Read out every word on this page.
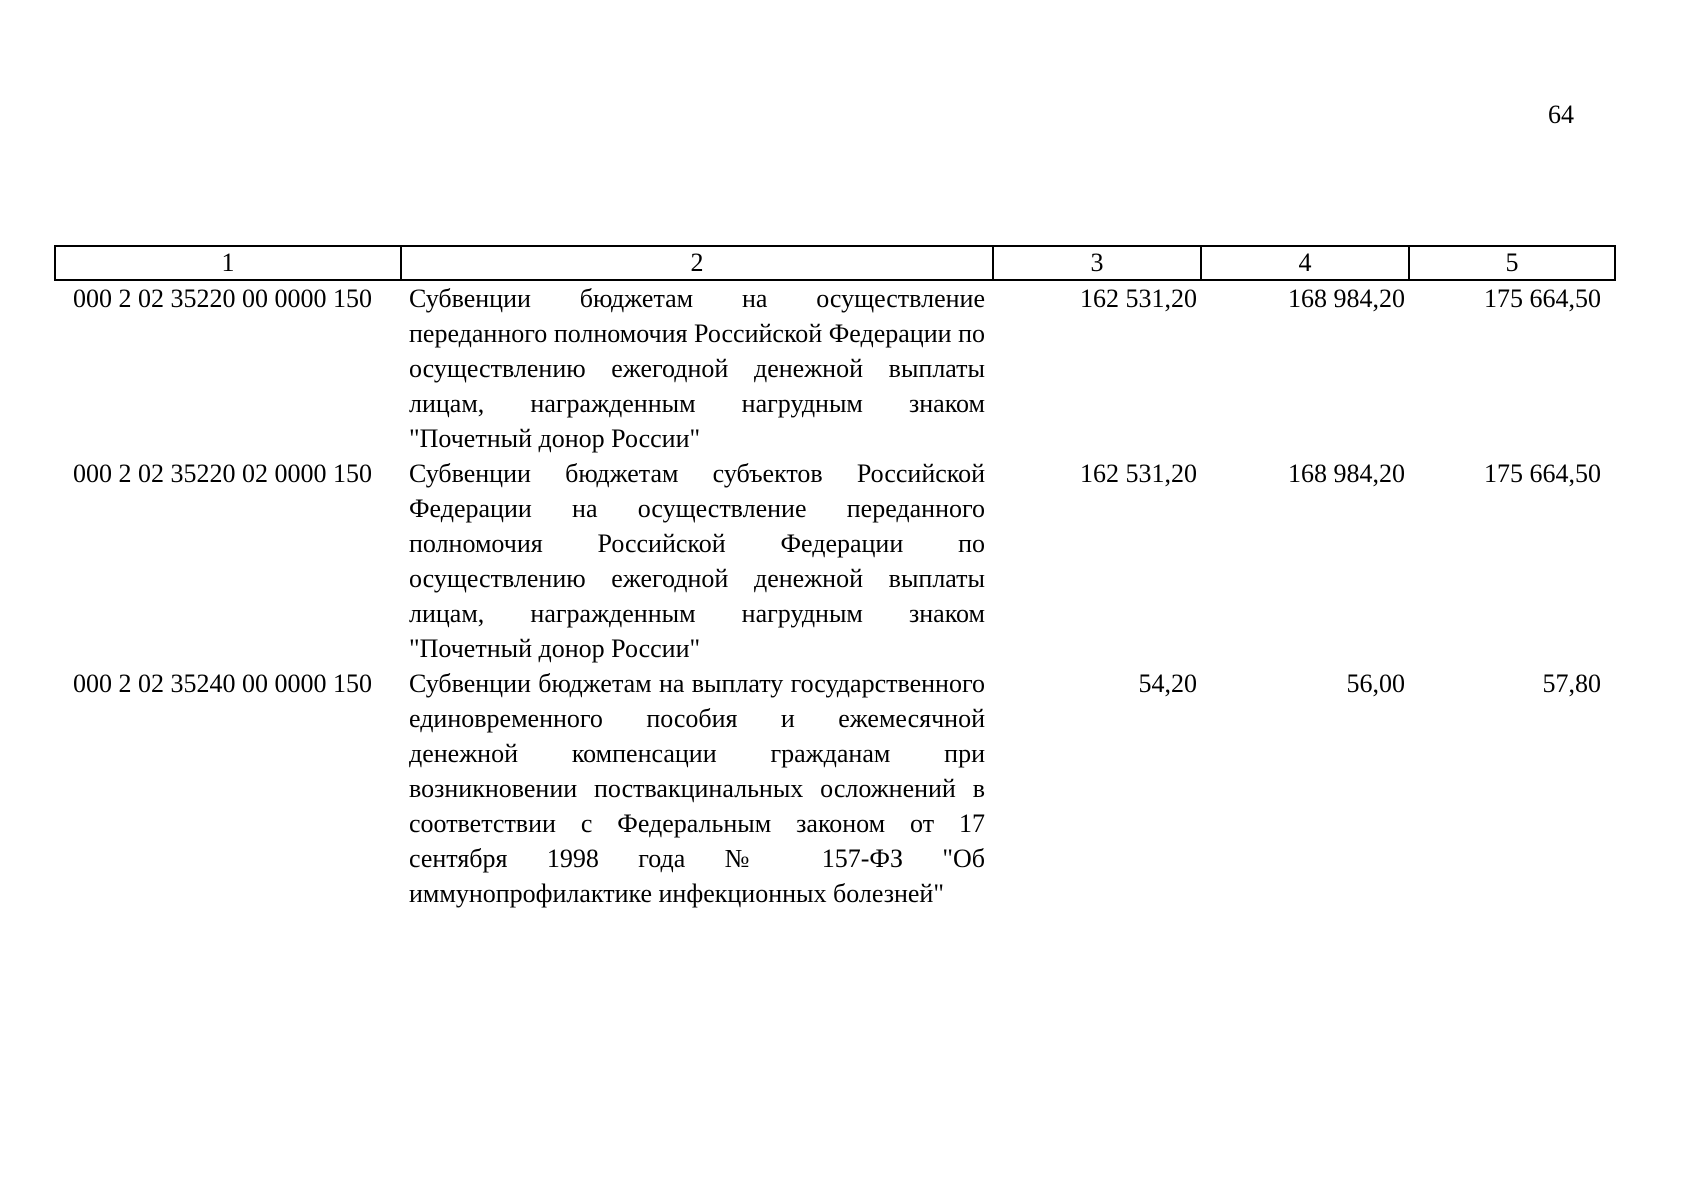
64
1	2	3	4	5
000 2 02 35220 00 0000 150	Субвенции бюджетам на осуществление переданного полномочия Российской Федерации по осуществлению ежегодной денежной выплаты лицам, награжденным нагрудным знаком "Почетный донор России"	162 531,20	168 984,20	175 664,50
000 2 02 35220 02 0000 150	Субвенции бюджетам субъектов Российской Федерации на осуществление переданного полномочия Российской Федерации по осуществлению ежегодной денежной выплаты лицам, награжденным нагрудным знаком "Почетный донор России"	162 531,20	168 984,20	175 664,50
000 2 02 35240 00 0000 150	Субвенции бюджетам на выплату государственного единовременного пособия и ежемесячной денежной компенсации гражданам при возникновении поствакцинальных осложнений в соответствии с Федеральным законом от 17 сентября 1998 года № 157-ФЗ "Об иммунопрофилактике инфекционных болезней"	54,20	56,00	57,80
